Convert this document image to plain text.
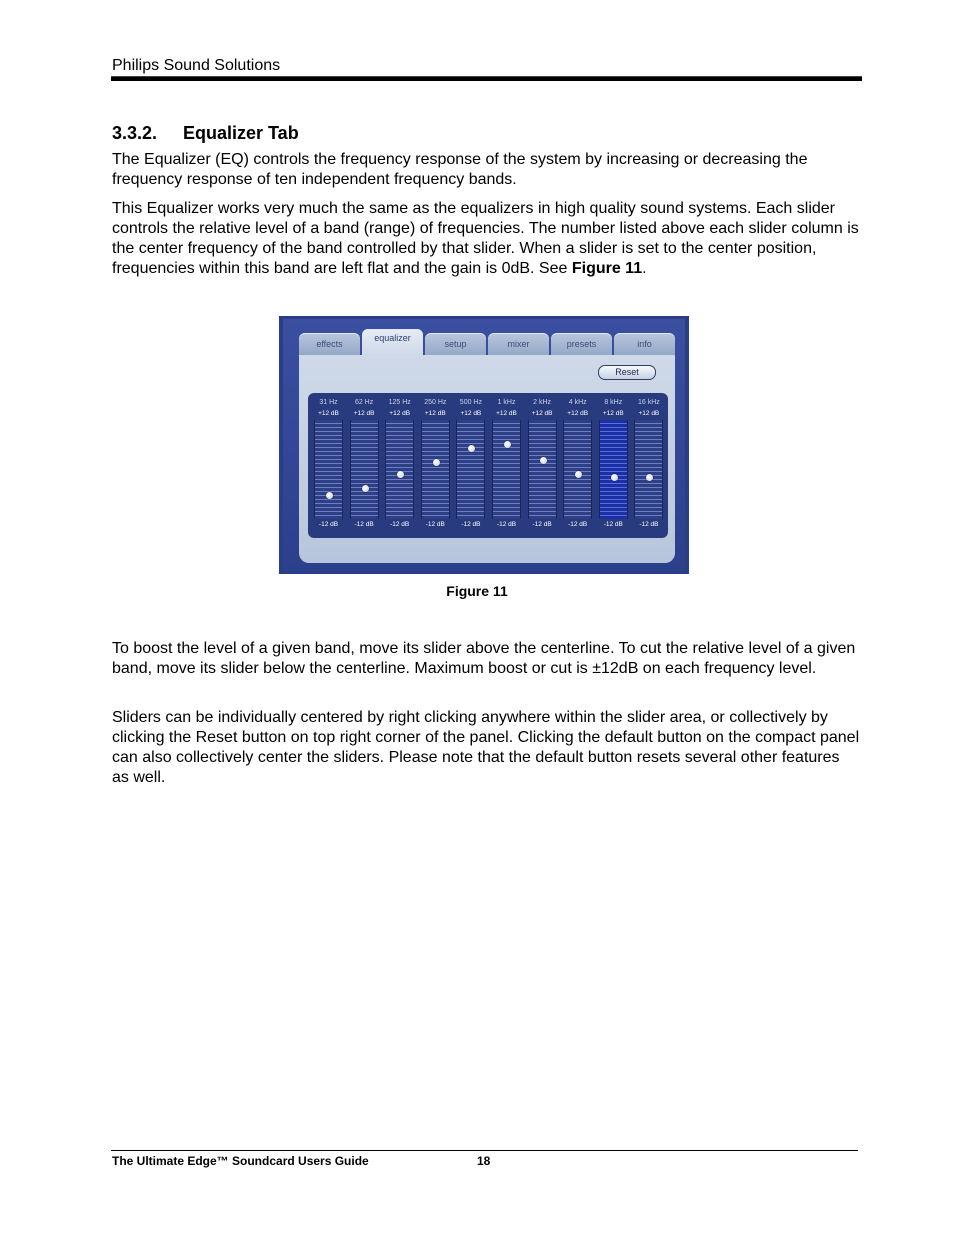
Philips Sound Solutions
3.3.2. Equalizer Tab

The Equalizer (EQ) controls the frequency response of the system by increasing or decreasing the frequency response of ten independent frequency bands.

This Equalizer works very much the same as the equalizers in high quality sound systems. Each slider controls the relative level of a band (range) of frequencies. The number listed above each slider column is the center frequency of the band controlled by that slider. When a slider is set to the center position, frequencies within this band are left flat and the gain is 0dB. See Figure 11.

effects
equalizer
setup	mixer	presets	info
Reset
31 Hz
+12 dB
-12 dB
62 Hz
+12 dB
-12 dB
125 Hz
+12 dB
-12 dB
250 Hz
+12 dB
-12 dB
500 Hz
+12 dB
-12 dB
1 kHz
+12 dB
-12 dB
2 kHz
+12 dB
-12 dB
4 kHz
+12 dB
-12 dB
8 kHz
+12 dB
-12 dB
16 kHz
+12 dB
-12 dB
Figure 11

To boost the level of a given band, move its slider above the centerline. To cut the relative level of a given band, move its slider below the centerline. Maximum boost or cut is ±12dB on each frequency level.

Sliders can be individually centered by right clicking anywhere within the slider area, or collectively by clicking the Reset button on top right corner of the panel. Clicking the default button on the compact panel can also collectively center the sliders. Please note that the default button resets several other features as well.

The Ultimate Edge™ Soundcard Users Guide	18
